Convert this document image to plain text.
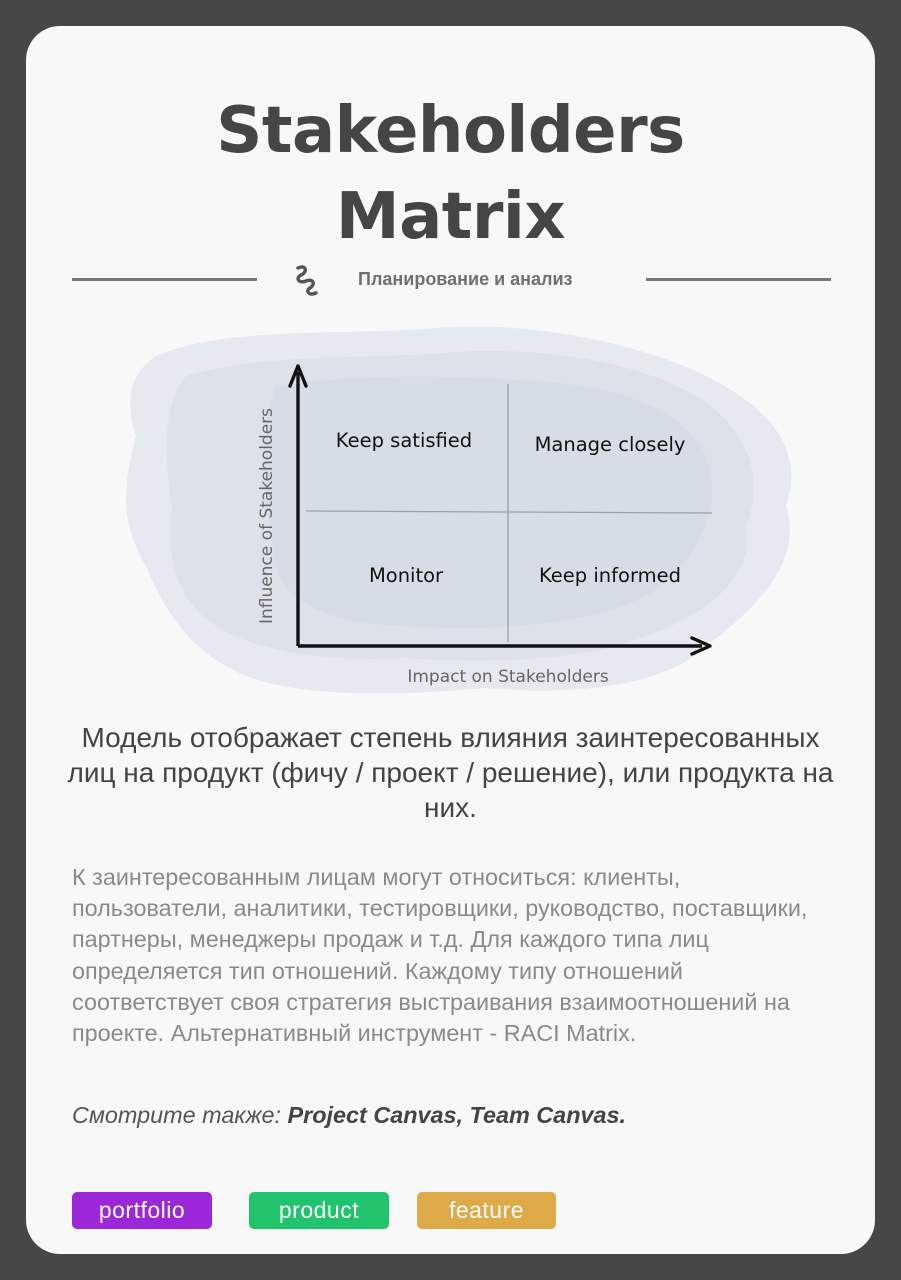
Stakeholders
Matrix
Планирование и анализ
Influence of Stakeholders
Impact on Stakeholders
Keep satisfied	Manage closely
Monitor	Keep informed

Модель отображает степень влияния заинтересованных лиц на продукт (фичу / проект / решение), или продукта на них.

К заинтересованным лицам могут относиться: клиенты, пользователи, аналитики, тестировщики, руководство, поставщики, партнеры, менеджеры продаж и т.д. Для каждого типа лиц определяется тип отношений. Каждому типу отношений соответствует своя стратегия выстраивания взаимоотношений на проекте. Альтернативный инструмент - RACI Matrix.

Смотрите также: Project Canvas, Team Canvas.

portfolio	product	feature
